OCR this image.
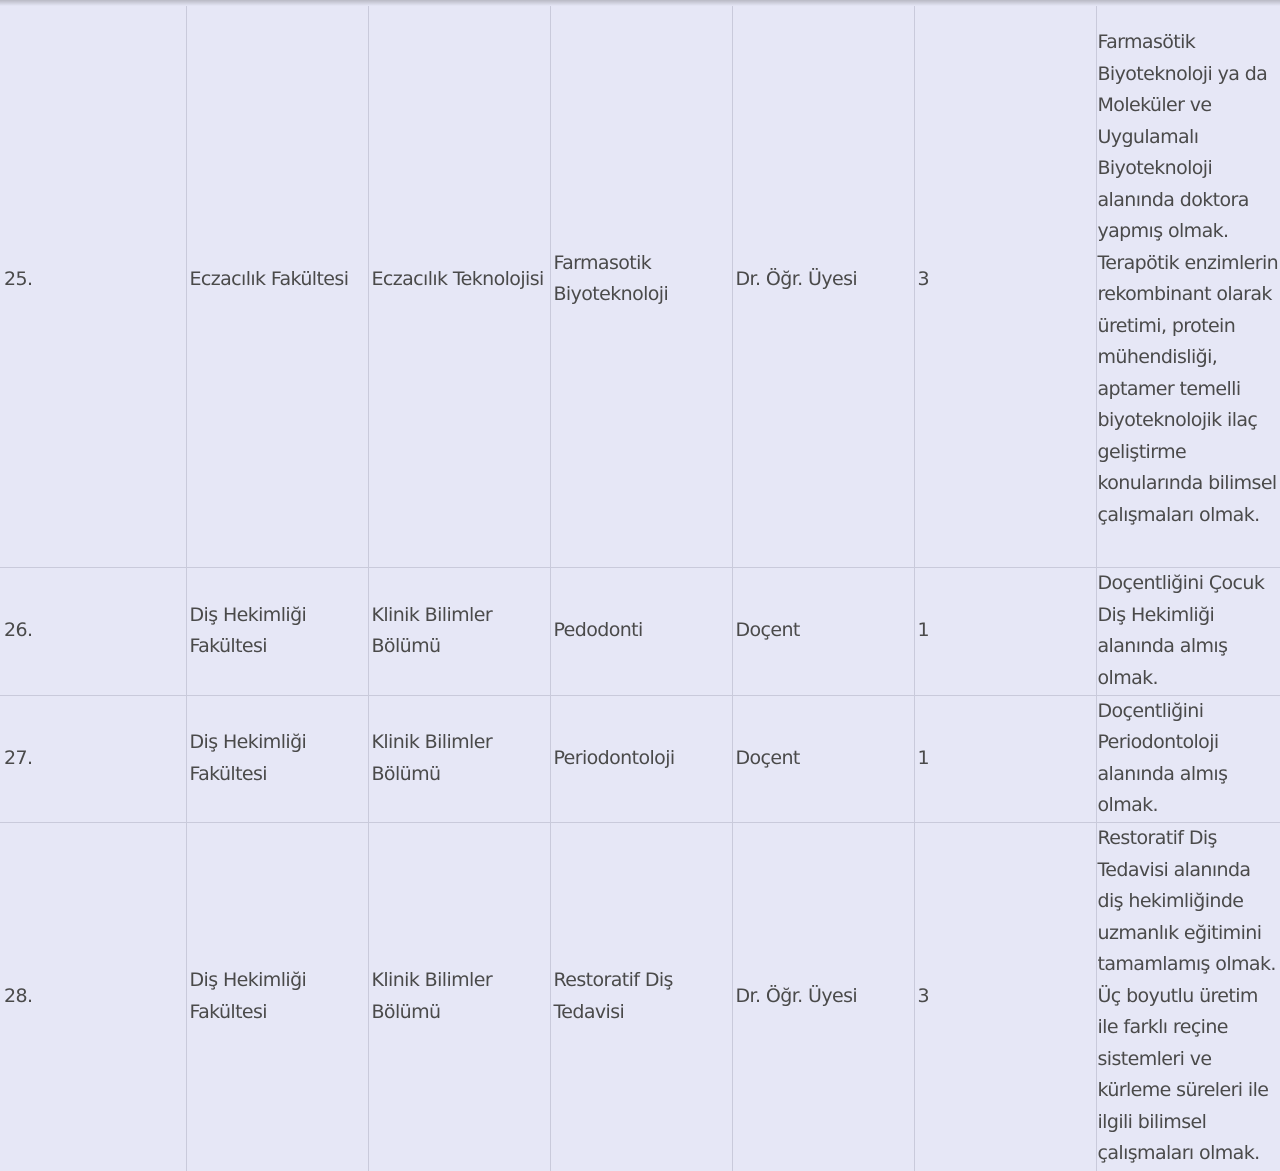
25.	Eczacılık Fakültesi	Eczacılık Teknolojisi	Farmasotik Biyoteknoloji	Dr. Öğr. Üyesi	3	Farmasötik Biyoteknoloji ya da Moleküler ve Uygulamalı Biyoteknoloji alanında doktora yapmış olmak. Terapötik enzimlerin rekombinant olarak üretimi, protein mühendisliği, aptamer temelli biyoteknolojik ilaç geliştirme konularında bilimsel çalışmaları olmak.
26.	Diş Hekimliği Fakültesi	Klinik Bilimler Bölümü	Pedodonti	Doçent	1	Doçentliğini Çocuk Diş Hekimliği alanında almış olmak.
27.	Diş Hekimliği Fakültesi	Klinik Bilimler Bölümü	Periodontoloji	Doçent	1	Doçentliğini Periodontoloji alanında almış olmak.
28.	Diş Hekimliği Fakültesi	Klinik Bilimler Bölümü	Restoratif Diş Tedavisi	Dr. Öğr. Üyesi	3	Restoratif Diş Tedavisi alanında diş hekimliğinde uzmanlık eğitimini tamamlamış olmak. Üç boyutlu üretim ile farklı reçine sistemleri ve kürleme süreleri ile ilgili bilimsel çalışmaları olmak.
